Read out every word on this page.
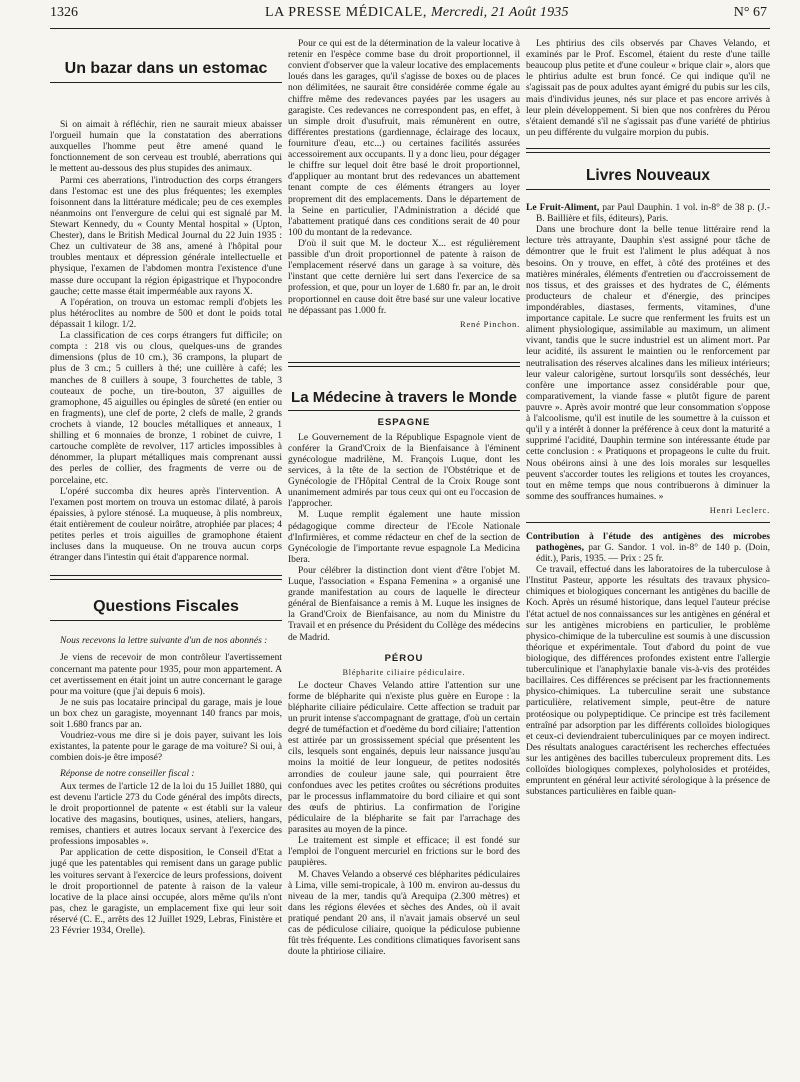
1326	LA PRESSE MÉDICALE, Mercredi, 21 Août 1935	N° 67
Un bazar dans un estomac

Si on aimait à réfléchir, rien ne saurait mieux abaisser l'orgueil humain que la constatation des aberrations auxquelles l'homme peut être amené quand le fonctionnement de son cerveau est troublé, aberrations qui le mettent au-dessous des plus stupides des animaux.

Parmi ces aberrations, l'introduction des corps étrangers dans l'estomac est une des plus fréquentes; les exemples foisonnent dans la littérature médicale; peu de ces exemples néanmoins ont l'envergure de celui qui est signalé par M. Stewart Kennedy, du « County Mental hospital » (Upton, Chester), dans le British Medical Journal du 22 Juin 1935 : Chez un cultivateur de 38 ans, amené à l'hôpital pour troubles mentaux et dépression générale intellectuelle et physique, l'examen de l'abdomen montra l'existence d'une masse dure occupant la région épigastrique et l'hypocondre gauche; cette masse était imperméable aux rayons X.

A l'opération, on trouva un estomac rempli d'objets les plus hétéroclites au nombre de 500 et dont le poids total dépassait 1 kilogr. 1/2.

La classification de ces corps étrangers fut difficile; on compta : 218 vis ou clous, quelques-uns de grandes dimensions (plus de 10 cm.), 36 crampons, la plupart de plus de 3 cm.; 5 cuillers à thé; une cuillère à café; les manches de 8 cuillers à soupe, 3 fourchettes de table, 3 couteaux de poche, un tire-bouton, 37 aiguilles de gramophone, 45 aiguilles ou épingles de sûreté (en entier ou en fragments), une clef de porte, 2 clefs de malle, 2 grands crochets à viande, 12 boucles métalliques et anneaux, 1 shilling et 6 monnaies de bronze, 1 robinet de cuivre, 1 cartouche complète de revolver, 117 articles impossibles à dénommer, la plupart métalliques mais comprenant aussi des perles de collier, des fragments de verre ou de porcelaine, etc.

L'opéré succomba dix heures après l'intervention. A l'examen post mortem on trouva un estomac dilaté, à parois épaissies, à pylore sténosé. La muqueuse, à plis nombreux, était entièrement de couleur noirâtre, atrophiée par places; 4 petites perles et trois aiguilles de gramophone étaient incluses dans la muqueuse. On ne trouva aucun corps étranger dans l'intestin qui était d'apparence normal.

Questions Fiscales

Nous recevons la lettre suivante d'un de nos abonnés :

Je viens de recevoir de mon contrôleur l'avertissement concernant ma patente pour 1935, pour mon appartement. A cet avertissement en était joint un autre concernant le garage pour ma voiture (que j'ai depuis 6 mois).

Je ne suis pas locataire principal du garage, mais je loue un box chez un garagiste, moyennant 140 francs par mois, soit 1.680 francs par an.

Voudriez-vous me dire si je dois payer, suivant les lois existantes, la patente pour le garage de ma voiture? Si oui, à combien dois-je être imposé?

Réponse de notre conseiller fiscal :

Aux termes de l'article 12 de la loi du 15 Juillet 1880, qui est devenu l'article 273 du Code général des impôts directs, le droit proportionnel de patente « est établi sur la valeur locative des magasins, boutiques, usines, ateliers, hangars, remises, chantiers et autres locaux servant à l'exercice des professions imposables ».

Par application de cette disposition, le Conseil d'Etat a jugé que les patentables qui remisent dans un garage public les voitures servant à l'exercice de leurs professions, doivent le droit proportionnel de patente à raison de la valeur locative de la place ainsi occupée, alors même qu'ils n'ont pas, chez le garagiste, un emplacement fixe qui leur soit réservé (C. E., arrêts des 12 Juillet 1929, Lebras, Finistère et 23 Février 1934, Orelle).

Pour ce qui est de la détermination de la valeur locative à retenir en l'espèce comme base du droit proportionnel, il convient d'observer que la valeur locative des emplacements loués dans les garages, qu'il s'agisse de boxes ou de places non délimitées, ne saurait être considérée comme égale au chiffre même des redevances payées par les usagers au garagiste. Ces redevances ne correspondent pas, en effet, à un simple droit d'usufruit, mais rémunèrent en outre, différentes prestations (gardiennage, éclairage des locaux, fourniture d'eau, etc...) ou certaines facilités assurées accessoirement aux occupants. Il y a donc lieu, pour dégager le chiffre sur lequel doit être basé le droit proportionnel, d'appliquer au montant brut des redevances un abattement tenant compte de ces éléments étrangers au loyer proprement dit des emplacements. Dans le département de la Seine en particulier, l'Administration a décidé que l'abattement pratiqué dans ces conditions serait de 40 pour 100 du montant de la redevance.

D'où il suit que M. le docteur X... est régulièrement passible d'un droit proportionnel de patente à raison de l'emplacement réservé dans un garage à sa voiture, dès l'instant que cette dernière lui sert dans l'exercice de sa profession, et que, pour un loyer de 1.680 fr. par an, le droit proportionnel en cause doit être basé sur une valeur locative ne dépassant pas 1.000 fr.

René Pinchon.

La Médecine à travers le Monde
ESPAGNE

Le Gouvernement de la République Espagnole vient de conférer la Grand'Croix de la Bienfaisance à l'éminent gynécologue madrilène, M. François Luque, dont les services, à la tête de la section de l'Obstétrique et de Gynécologie de l'Hôpital Central de la Croix Rouge sont unanimement admirés par tous ceux qui ont eu l'occasion de l'approcher.

M. Luque remplit également une haute mission pédagogique comme directeur de l'Ecole Nationale d'Infirmières, et comme rédacteur en chef de la section de Gynécologie de l'importante revue espagnole La Medicina Ibera.

Pour célébrer la distinction dont vient d'être l'objet M. Luque, l'association « Espana Femenina » a organisé une grande manifestation au cours de laquelle le directeur général de Bienfaisance a remis à M. Luque les insignes de la Grand'Croix de Bienfaisance, au nom du Ministre du Travail et en présence du Président du Collège des médecins de Madrid.

PÉROU
Blépharite ciliaire pédiculaire.

Le docteur Chaves Velando attire l'attention sur une forme de blépharite qui n'existe plus guère en Europe : la blépharite ciliaire pédiculaire. Cette affection se traduit par un prurit intense s'accompagnant de grattage, d'où un certain degré de tuméfaction et d'oedème du bord ciliaire; l'attention est attirée par un grossissement spécial que présentent les cils, lesquels sont engainés, depuis leur naissance jusqu'au moins la moitié de leur longueur, de petites nodosités arrondies de couleur jaune sale, qui pourraient être confondues avec les petites croûtes ou sécrétions produites par le processus inflammatoire du bord ciliaire et qui sont des œufs de phtirius. La confirmation de l'origine pédiculaire de la blépharite se fait par l'arrachage des parasites au moyen de la pince.

Le traitement est simple et efficace; il est fondé sur l'emploi de l'onguent mercuriel en frictions sur le bord des paupières.

M. Chaves Velando a observé ces blépharites pédiculaires à Lima, ville semi-tropicale, à 100 m. environ au-dessus du niveau de la mer, tandis qu'à Arequipa (2.300 mètres) et dans les régions élevées et sèches des Andes, où il avait pratiqué pendant 20 ans, il n'avait jamais observé un seul cas de pédiculose ciliaire, quoique la pédiculose pubienne fût très fréquente. Les conditions climatiques favorisent sans doute la phtiriose ciliaire.

Les phtirius des cils observés par Chaves Velando, et examinés par le Prof. Escomel, étaient du reste d'une taille beaucoup plus petite et d'une couleur « brique clair », alors que le phtirius adulte est brun foncé. Ce qui indique qu'il ne s'agissait pas de poux adultes ayant émigré du pubis sur les cils, mais d'individus jeunes, nés sur place et pas encore arrivés à leur plein développement. Si bien que nos confrères du Pérou s'étaient demandé s'il ne s'agissait pas d'une variété de phtirius un peu différente du vulgaire morpion du pubis.

Livres Nouveaux

Le Fruit-Aliment, par Paul Dauphin. 1 vol. in-8° de 38 p. (J.-B. Baillière et fils, éditeurs), Paris.

Dans une brochure dont la belle tenue littéraire rend la lecture très attrayante, Dauphin s'est assigné pour tâche de démontrer que le fruit est l'aliment le plus adéquat à nos besoins. On y trouve, en effet, à côté des protéines et des matières minérales, éléments d'entretien ou d'accroissement de nos tissus, et des graisses et des hydrates de C, éléments producteurs de chaleur et d'énergie, des principes impondérables, diastases, ferments, vitamines, d'une importance capitale. Le sucre que renferment les fruits est un aliment physiologique, assimilable au maximum, un aliment vivant, tandis que le sucre industriel est un aliment mort. Par leur acidité, ils assurent le maintien ou le renforcement par neutralisation des réserves alcalines dans les milieux intérieurs; leur valeur calorigène, surtout lorsqu'ils sont desséchés, leur confère une importance assez considérable pour que, comparativement, la viande fasse « plutôt figure de parent pauvre ». Après avoir montré que leur consommation s'oppose à l'alcoolisme, qu'il est inutile de les soumettre à la cuisson et qu'il y a intérêt à donner la préférence à ceux dont la maturité a supprimé l'acidité, Dauphin termine son intéressante étude par cette conclusion : « Pratiquons et propageons le culte du fruit. Nous obéirons ainsi à une des lois morales sur lesquelles peuvent s'accorder toutes les religions et toutes les croyances, tout en même temps que nous contribuerons à diminuer la somme des souffrances humaines. »

Henri Leclerc.

Contribution à l'étude des antigènes des microbes pathogènes, par G. Sandor. 1 vol. in-8° de 140 p. (Doin, édit.), Paris, 1935. — Prix : 25 fr.

Ce travail, effectué dans les laboratoires de la tuberculose à l'Institut Pasteur, apporte les résultats des travaux physico-chimiques et biologiques concernant les antigènes du bacille de Koch. Après un résumé historique, dans lequel l'auteur précise l'état actuel de nos connaissances sur les antigènes en général et sur les antigènes microbiens en particulier, le problème physico-chimique de la tuberculine est soumis à une discussion théorique et expérimentale. Tout d'abord du point de vue biologique, des différences profondes existent entre l'allergie tuberculinique et l'anaphylaxie banale vis-à-vis des protéides bacillaires. Ces différences se précisent par les fractionnements physico-chimiques. La tuberculine serait une substance particulière, relativement simple, peut-être de nature protéosique ou polypeptidique. Ce principe est très facilement entraîné par adsorption par les différents colloïdes biologiques et ceux-ci deviendraient tuberculiniques par ce moyen indirect. Des résultats analogues caractérisent les recherches effectuées sur les antigènes des bacilles tuberculeux proprement dits. Les colloïdes biologiques complexes, polyholosides et protéides, empruntent en général leur activité sérologique à la présence de substances particulières en faible quan-
